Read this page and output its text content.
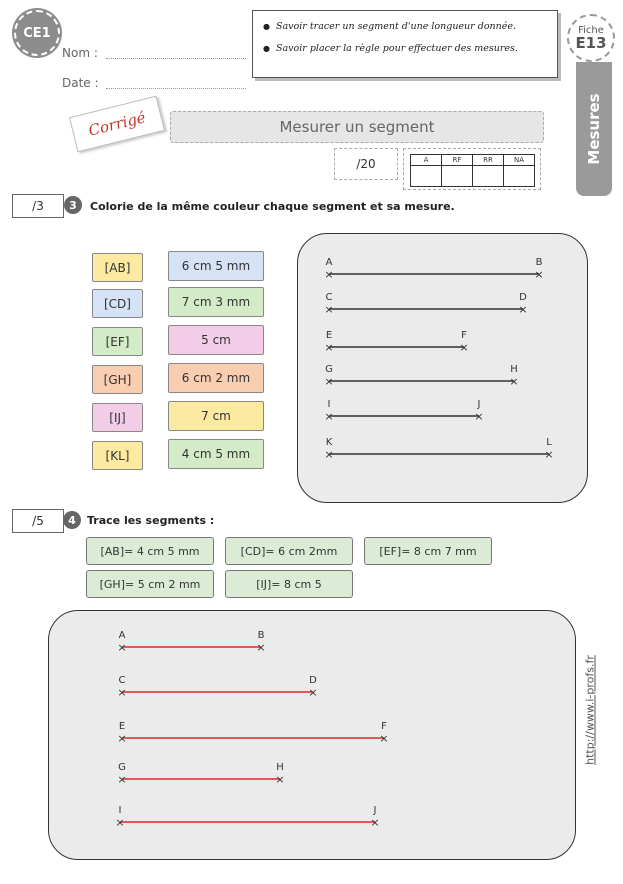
CE1
Nom :
Date :
● Savoir tracer un segment d'une longueur donnée.
● Savoir placer la règle pour effectuer des mesures.
Fiche
E13
Mesures
Corrigé	Mesurer un segment
/20	A	RF	RR	NA

/3	3	Colorie de la même couleur chaque segment et sa mesure.
[AB]
[CD]
[EF]
[GH]
[IJ]
[KL]
6 cm 5 mm
7 cm 3 mm
5 cm
6 cm 2 mm
7 cm
4 cm 5 mm
×	×
A	B
×	×
C	D
×	×
E	F
×	×
G	H
×	×
I	J
×	×
K	L
/5	4	Trace les segments :
[AB]= 4 cm 5 mm	[CD]= 6 cm 2mm	[EF]= 8 cm 7 mm
[GH]= 5 cm 2 mm	[IJ]= 8 cm 5
×	×
A	B
×	×
C	D
×	×
E	F
×	×
G	H
×	×
I	J
http://www.i-profs.fr
